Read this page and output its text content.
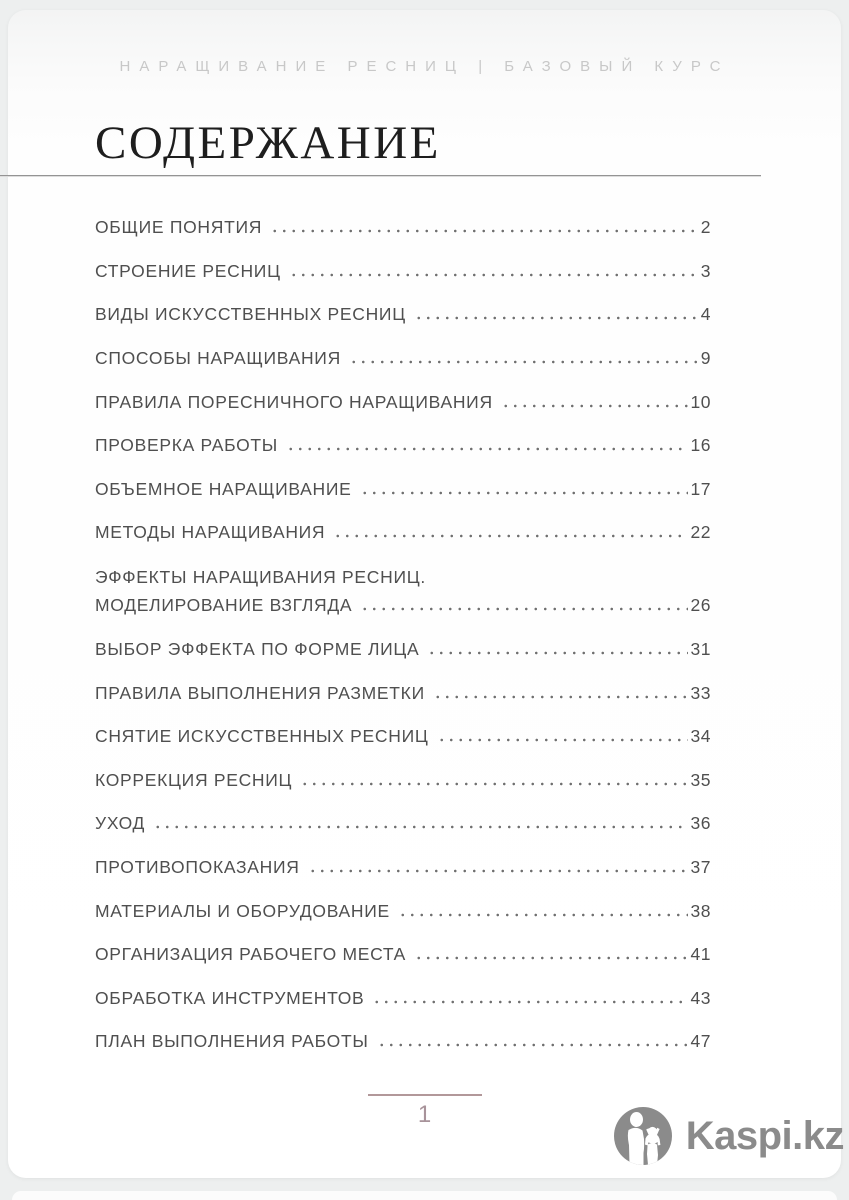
НАРАЩИВАНИЕ РЕСНИЦ | БАЗОВЫЙ КУРС
СОДЕРЖАНИЕ
ОБЩИЕ ПОНЯТИЯ	2
СТРОЕНИЕ РЕСНИЦ	3
ВИДЫ ИСКУССТВЕННЫХ РЕСНИЦ	4
СПОСОБЫ НАРАЩИВАНИЯ	9
ПРАВИЛА ПОРЕСНИЧНОГО НАРАЩИВАНИЯ	10
ПРОВЕРКА РАБОТЫ	16
ОБЪЕМНОЕ НАРАЩИВАНИЕ	17
МЕТОДЫ НАРАЩИВАНИЯ	22
ЭФФЕКТЫ НАРАЩИВАНИЯ РЕСНИЦ.
МОДЕЛИРОВАНИЕ ВЗГЛЯДА	26
ВЫБОР ЭФФЕКТА ПО ФОРМЕ ЛИЦА	31
ПРАВИЛА ВЫПОЛНЕНИЯ РАЗМЕТКИ	33
СНЯТИЕ ИСКУССТВЕННЫХ РЕСНИЦ	34
КОРРЕКЦИЯ РЕСНИЦ	35
УХОД	36
ПРОТИВОПОКАЗАНИЯ	37
МАТЕРИАЛЫ И ОБОРУДОВАНИЕ	38
ОРГАНИЗАЦИЯ РАБОЧЕГО МЕСТА	41
ОБРАБОТКА ИНСТРУМЕНТОВ	43
ПЛАН ВЫПОЛНЕНИЯ РАБОТЫ	47
1	Kaspi.kz
